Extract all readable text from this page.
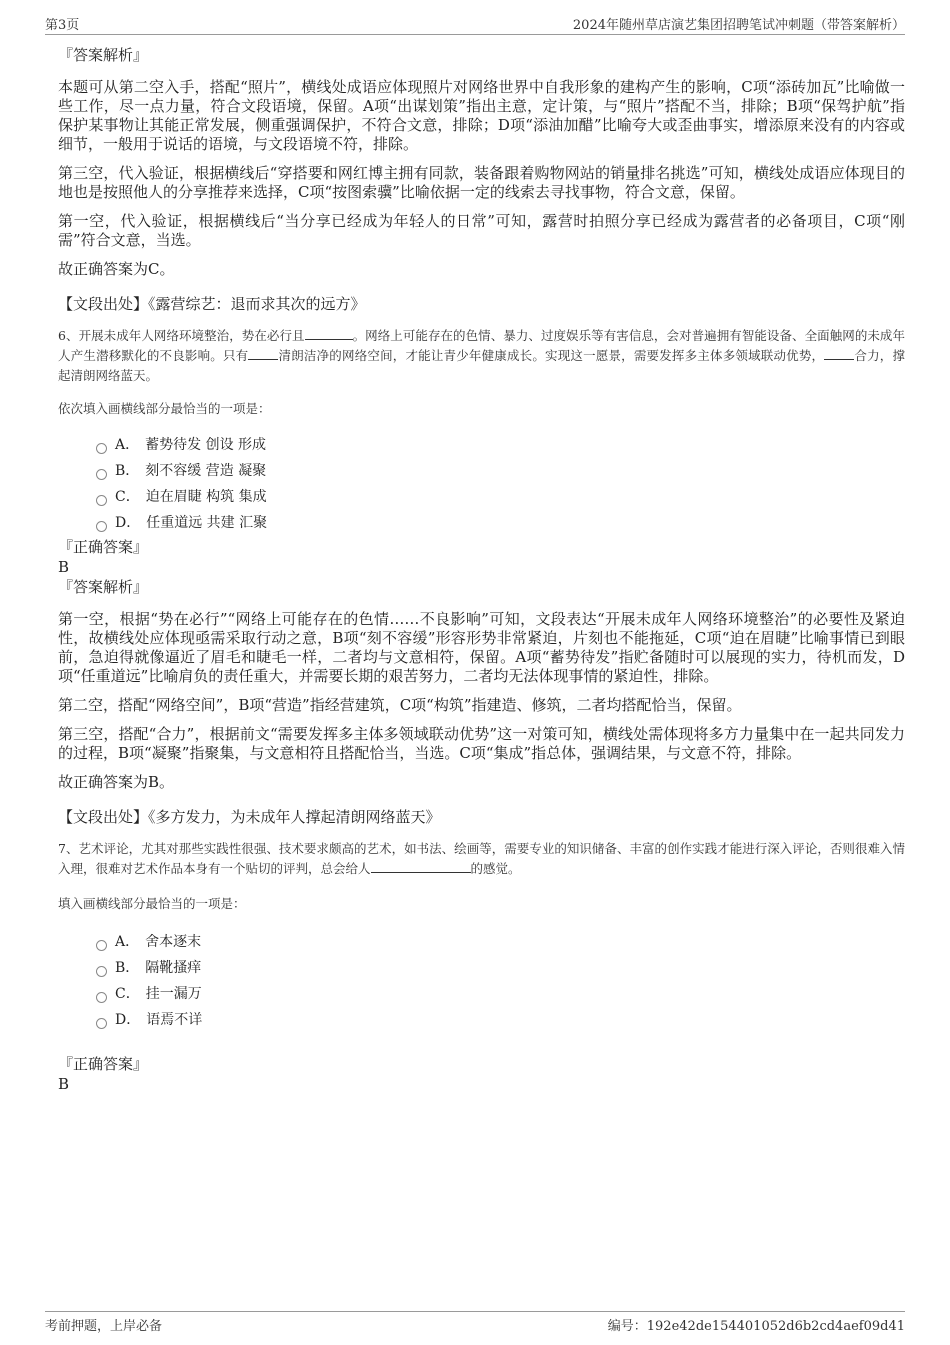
第3页	2024年随州草店演艺集团招聘笔试冲刺题（带答案解析）

『答案解析』

本题可从第二空入手，搭配“照片”，横线处成语应体现照片对网络世界中自我形象的建构产生的影响，C项“添砖加瓦”比喻做一些工作，尽一点力量，符合文段语境，保留。A项“出谋划策”指出主意，定计策，与“照片”搭配不当，排除；B项“保驾护航”指保护某事物让其能正常发展，侧重强调保护，不符合文意，排除；D项“添油加醋”比喻夸大或歪曲事实，增添原来没有的内容或细节，一般用于说话的语境，与文段语境不符，排除。

第三空，代入验证，根据横线后“穿搭要和网红博主拥有同款，装备跟着购物网站的销量排名挑选”可知，横线处成语应体现目的地也是按照他人的分享推荐来选择，C项“按图索骥”比喻依据一定的线索去寻找事物，符合文意，保留。

第一空，代入验证，根据横线后“当分享已经成为年轻人的日常”可知，露营时拍照分享已经成为露营者的必备项目，C项“刚需”符合文意，当选。

故正确答案为C。

【文段出处】《露营综艺：退而求其次的远方》

6、开展未成年人网络环境整治，势在必行且	。网络上可能存在的色情、暴力、过度娱乐等有害信息，会对普遍拥有智能设备、全面触网的未成年人产生潜移默化的不良影响。只有 清朗洁净的网络空间，才能让青少年健康成长。实现这一愿景，需要发挥多主体多领域联动优势， 合力，撑起清朗网络蓝天。

依次填入画横线部分最恰当的一项是：

A． 蓄势待发 创设 形成
B． 刻不容缓 营造 凝聚
C． 迫在眉睫 构筑 集成
D． 任重道远 共建 汇聚

『正确答案』

B

『答案解析』

第一空，根据“势在必行”“网络上可能存在的色情……不良影响”可知，文段表达“开展未成年人网络环境整治”的必要性及紧迫性，故横线处应体现亟需采取行动之意，B项“刻不容缓”形容形势非常紧迫，片刻也不能拖延，C项“迫在眉睫”比喻事情已到眼前，急迫得就像逼近了眉毛和睫毛一样，二者均与文意相符，保留。A项“蓄势待发”指贮备随时可以展现的实力，待机而发，D项“任重道远”比喻肩负的责任重大，并需要长期的艰苦努力，二者均无法体现事情的紧迫性，排除。

第二空，搭配“网络空间”，B项“营造”指经营建筑，C项“构筑”指建造、修筑，二者均搭配恰当，保留。

第三空，搭配“合力”，根据前文“需要发挥多主体多领域联动优势”这一对策可知，横线处需体现将多方力量集中在一起共同发力的过程，B项“凝聚”指聚集，与文意相符且搭配恰当，当选。C项“集成”指总体，强调结果，与文意不符，排除。

故正确答案为B。

【文段出处】《多方发力，为未成年人撑起清朗网络蓝天》

7、艺术评论，尤其对那些实践性很强、技术要求颇高的艺术，如书法、绘画等，需要专业的知识储备、丰富的创作实践才能进行深入评论，否则很难入情入理，很难对艺术作品本身有一个贴切的评判，总会给人	的感觉。

填入画横线部分最恰当的一项是：

A． 舍本逐末
B． 隔靴搔痒
C． 挂一漏万
D． 语焉不详

『正确答案』

B

考前押题，上岸必备	编号：192e42de154401052d6b2cd4aef09d41
